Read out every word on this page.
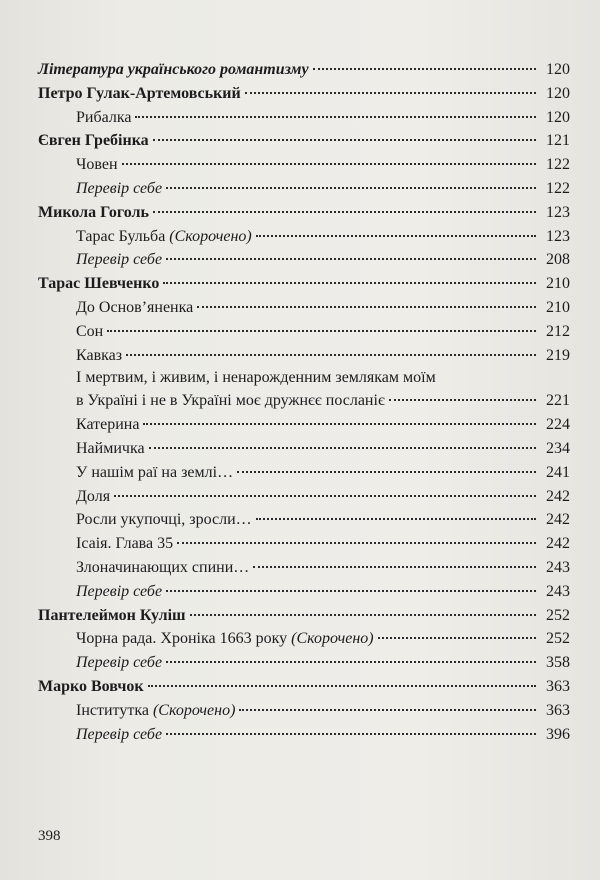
Література українського романтизму	120
Петро Гулак-Артемовський	120
Рибалка	120
Євген Гребінка	121
Човен	122
Перевір себе	122
Микола Гоголь	123
Тарас Бульба (Скорочено)	123
Перевір себе	208
Тарас Шевченко	210
До Основ’яненка	210
Сон	212
Кавказ	219
І мертвим, і живим, і ненарожденним землякам моїм
в Україні і не в Україні моє дружнєє посланіє	221
Катерина	224
Наймичка	234
У нашім раї на землі…	241
Доля	242
Росли укупочці, зросли…	242
Ісаія. Глава 35	242
Злоначинающих спини…	243
Перевір себе	243
Пантелеймон Куліш	252
Чорна рада. Хроніка 1663 року (Скорочено)	252
Перевір себе	358
Марко Вовчок	363
Інститутка (Скорочено)	363
Перевір себе	396
398
